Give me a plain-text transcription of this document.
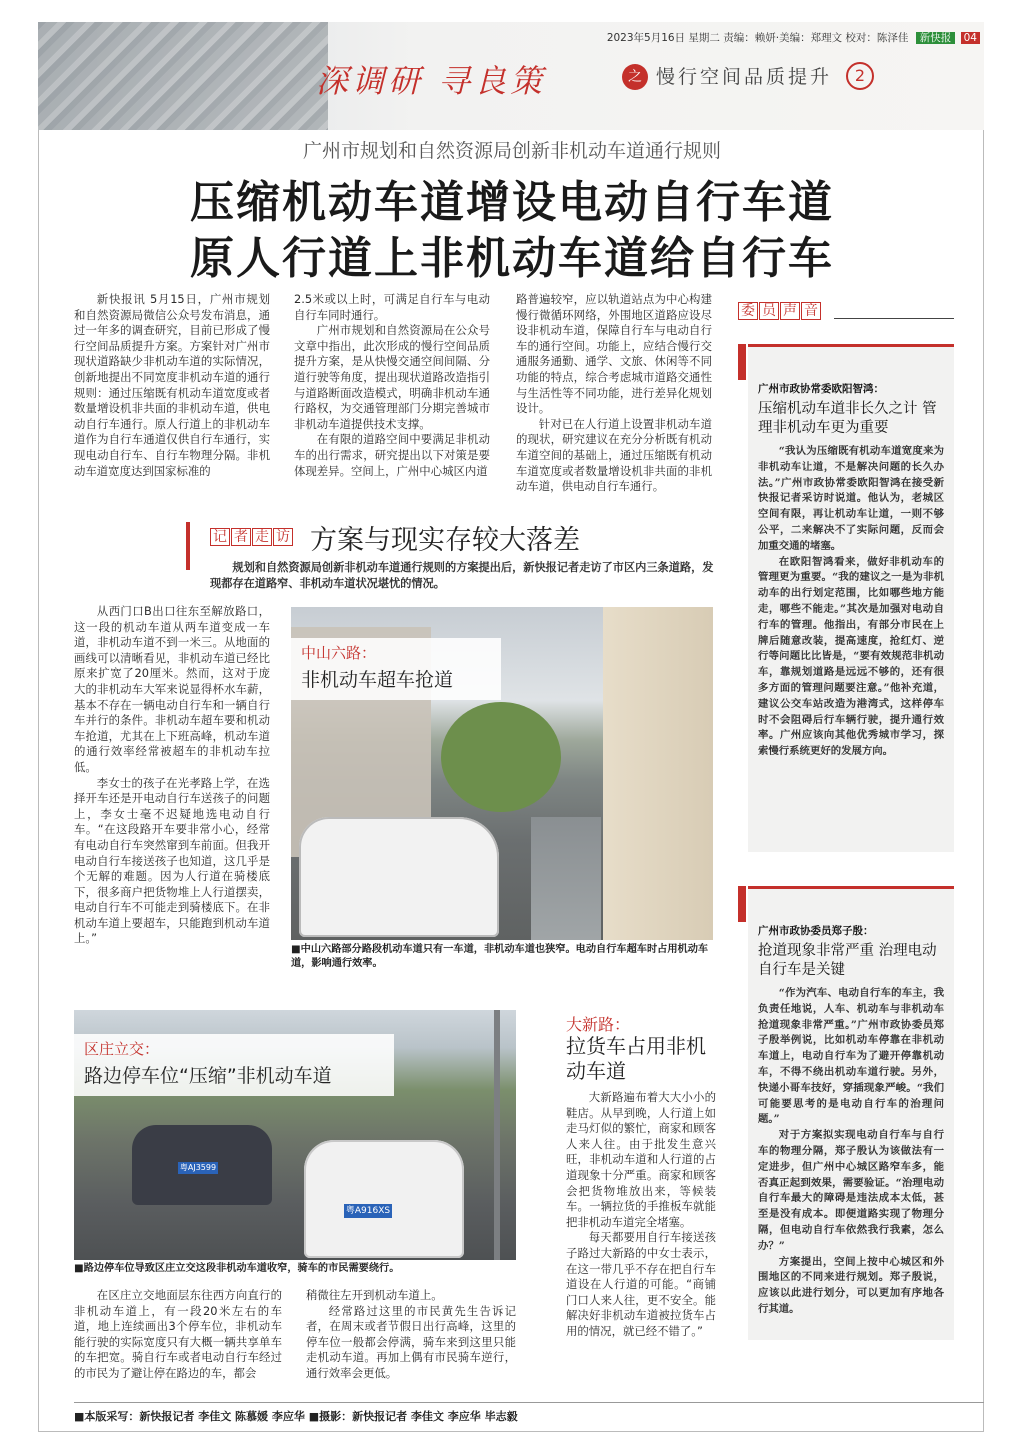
2023年5月16日 星期二 责编：赖妍·美编：郑理文 校对：陈泽佳 新快报 04
深调研 寻良策	之 慢行空间品质提升	2
广州市规划和自然资源局创新非机动车道通行规则
压缩机动车道增设电动自行车道
原人行道上非机动车道给自行车

新快报讯 5月15日，广州市规划和自然资源局微信公众号发布消息，通过一年多的调查研究，目前已形成了慢行空间品质提升方案。方案针对广州市现状道路缺少非机动车道的实际情况，创新地提出不同宽度非机动车道的通行规则：通过压缩既有机动车道宽度或者数量增设机非共面的非机动车道，供电动自行车通行。原人行道上的非机动车道作为自行车通道仅供自行车通行，实现电动自行车、自行车物理分隔。非机动车道宽度达到国家标准的

2.5米或以上时，可满足自行车与电动自行车同时通行。

广州市规划和自然资源局在公众号文章中指出，此次形成的慢行空间品质提升方案，是从快慢交通空间间隔、分道行驶等角度，提出现状道路改造指引与道路断面改造模式，明确非机动车通行路权，为交通管理部门分期完善城市非机动车道提供技术支撑。

在有限的道路空间中要满足非机动车的出行需求，研究提出以下对策是要体现差异。空间上，广州中心城区内道

路普遍较窄，应以轨道站点为中心构建慢行微循环网络，外围地区道路应设尽设非机动车道，保障自行车与电动自行车的通行空间。功能上，应结合慢行交通服务通勤、通学、文旅、休闲等不同功能的特点，综合考虑城市道路交通性与生活性等不同功能，进行差异化规划设计。

针对已在人行道上设置非机动车道的现状，研究建议在充分分析既有机动车道空间的基础上，通过压缩既有机动车道宽度或者数量增设机非共面的非机动车道，供电动自行车通行。

记 者 走 访 方案与现实存较大落差
规划和自然资源局创新非机动车道通行规则的方案提出后，新快报记者走访了市区内三条道路，发现都存在道路窄、非机动车道状况堪忧的情况。

从西门口B出口往东至解放路口，这一段的机动车道从两车道变成一车道，非机动车道不到一米三。从地面的画线可以清晰看见，非机动车道已经比原来扩宽了20厘米。然而，这对于庞大的非机动车大军来说显得杯水车薪，基本不存在一辆电动自行车和一辆自行车并行的条件。非机动车超车要和机动车抢道，尤其在上下班高峰，机动车道的通行效率经常被超车的非机动车拉低。

李女士的孩子在光孝路上学，在选择开车还是开电动自行车送孩子的问题上，李女士毫不迟疑地选电动自行车。“在这段路开车要非常小心，经常有电动自行车突然窜到车前面。但我开电动自行车接送孩子也知道，这几乎是个无解的难题。因为人行道在骑楼底下，很多商户把货物堆上人行道摆卖，电动自行车不可能走到骑楼底下。在非机动车道上要超车，只能跑到机动车道上。”

中山六路：
非机动车超车抢道
■中山六路部分路段机动车道只有一车道，非机动车道也狭窄。电动自行车超车时占用机动车道，影响通行效率。
粤AJ3599
粤A916XS
区庄立交：
路边停车位“压缩”非机动车道
■路边停车位导致区庄立交这段非机动车道收窄，骑车的市民需要绕行。
大新路：
拉货车占用非机动车道

大新路遍布着大大小小的鞋店。从早到晚，人行道上如走马灯似的繁忙，商家和顾客人来人往。由于批发生意兴旺，非机动车道和人行道的占道现象十分严重。商家和顾客会把货物堆放出来，等候装车。一辆拉货的手推板车就能把非机动车道完全堵塞。

每天都要用自行车接送孩子路过大新路的中女士表示，在这一带几乎不存在把自行车道设在人行道的可能。“商铺门口人来人往，更不安全。能解决好非机动车道被拉货车占用的情况，就已经不错了。”

在区庄立交地面层东往西方向直行的非机动车道上，有一段20米左右的车道，地上连续画出3个停车位，非机动车能行驶的实际宽度只有大概一辆共享单车的车把宽。骑自行车或者电动自行车经过的市民为了避让停在路边的车，都会

稍微往左开到机动车道上。

经常路过这里的市民黄先生告诉记者，在周末或者节假日出行高峰，这里的停车位一般都会停满，骑车来到这里只能走机动车道。再加上偶有市民骑车逆行，通行效率会更低。

委 员 声 音
广州市政协常委欧阳智鸿：
压缩机动车道非长久之计 管理非机动车更为重要

“我认为压缩既有机动车道宽度来为非机动车让道，不是解决问题的长久办法。”广州市政协常委欧阳智鸿在接受新快报记者采访时说道。他认为，老城区空间有限，再让机动车让道，一则不够公平，二来解决不了实际问题，反而会加重交通的堵塞。

在欧阳智鸿看来，做好非机动车的管理更为重要。“我的建议之一是为非机动车的出行划定范围，比如哪些地方能走，哪些不能走。”其次是加强对电动自行车的管理。他指出，有部分市民在上牌后随意改装，提高速度，抢红灯、逆行等问题比比皆是，“要有效规范非机动车，靠规划道路是远远不够的，还有很多方面的管理问题要注意。”他补充道，建议公交车站改造为港湾式，这样停车时不会阻碍后行车辆行驶，提升通行效率。广州应该向其他优秀城市学习，探索慢行系统更好的发展方向。

广州市政协委员郑子殷：
抢道现象非常严重 治理电动自行车是关键

“作为汽车、电动自行车的车主，我负责任地说，人车、机动车与非机动车抢道现象非常严重。”广州市政协委员郑子殷举例说，比如机动车停靠在非机动车道上，电动自行车为了避开停靠机动车，不得不绕出机动车道行驶。另外，快递小哥车技好，穿插现象严峻。“我们可能要思考的是电动自行车的治理问题。”

对于方案拟实现电动自行车与自行车的物理分隔，郑子殷认为该做法有一定进步，但广州中心城区路窄车多，能否真正起到效果，需要验证。“治理电动自行车最大的障碍是违法成本太低，甚至是没有成本。即便道路实现了物理分隔，但电动自行车依然我行我素，怎么办？”

方案提出，空间上按中心城区和外围地区的不同来进行规划。郑子殷说，应该以此进行划分，可以更加有序地各行其道。

■本版采写：新快报记者 李佳文 陈慕媛 李应华 ■摄影：新快报记者 李佳文 李应华 毕志毅
